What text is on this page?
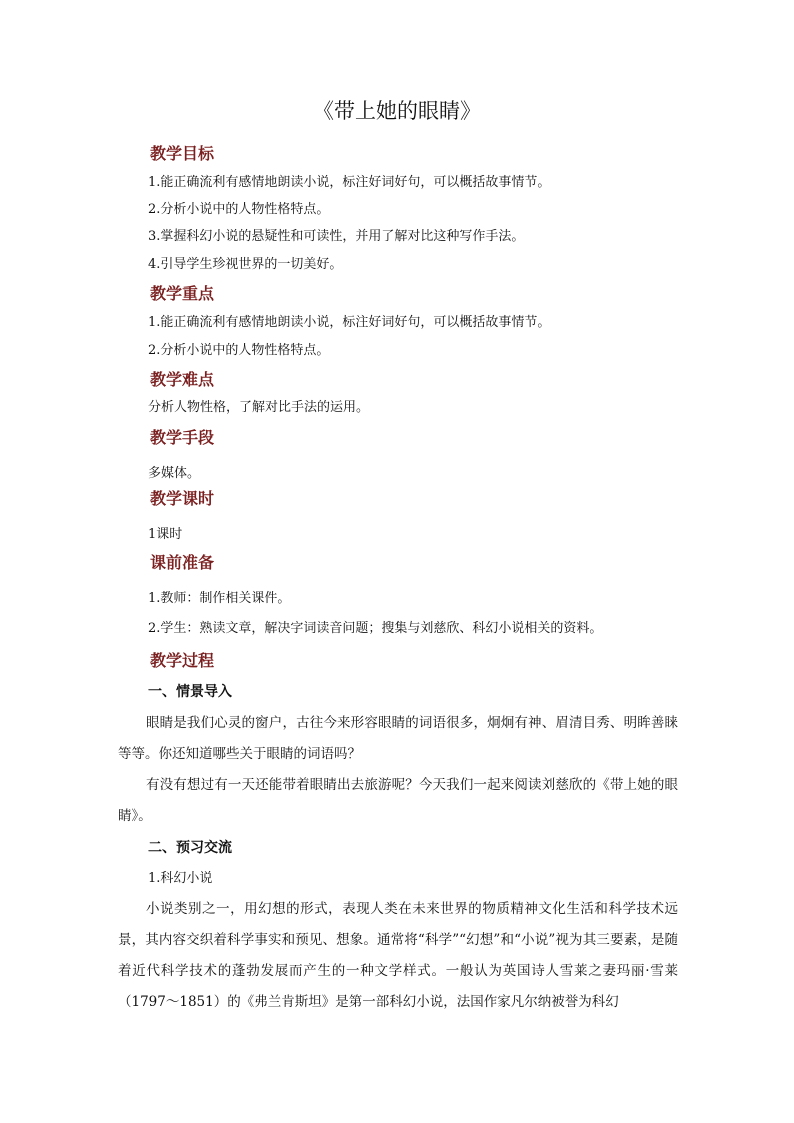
《带上她的眼睛》
教学目标
1.能正确流利有感情地朗读小说，标注好词好句，可以概括故事情节。
2.分析小说中的人物性格特点。
3.掌握科幻小说的悬疑性和可读性，并用了解对比这种写作手法。
4.引导学生珍视世界的一切美好。
教学重点
1.能正确流利有感情地朗读小说，标注好词好句，可以概括故事情节。
2.分析小说中的人物性格特点。
教学难点
分析人物性格，了解对比手法的运用。
教学手段
多媒体。
教学课时
1课时
课前准备
1.教师：制作相关课件。
2.学生：熟读文章，解决字词读音问题；搜集与刘慈欣、科幻小说相关的资料。
教学过程
一、情景导入
眼睛是我们心灵的窗户，古往今来形容眼睛的词语很多，炯炯有神、眉清目秀、明眸善睐等等。你还知道哪些关于眼睛的词语吗？
有没有想过有一天还能带着眼睛出去旅游呢？今天我们一起来阅读刘慈欣的《带上她的眼睛》。
二、预习交流
1.科幻小说
小说类别之一，用幻想的形式，表现人类在未来世界的物质精神文化生活和科学技术远景，其内容交织着科学事实和预见、想象。通常将“科学”“幻想”和“小说”视为其三要素，是随着近代科学技术的蓬勃发展而产生的一种文学样式。一般认为英国诗人雪莱之妻玛丽·雪莱（1797～1851）的《弗兰肯斯坦》是第一部科幻小说，法国作家凡尔纳被誉为科幻
